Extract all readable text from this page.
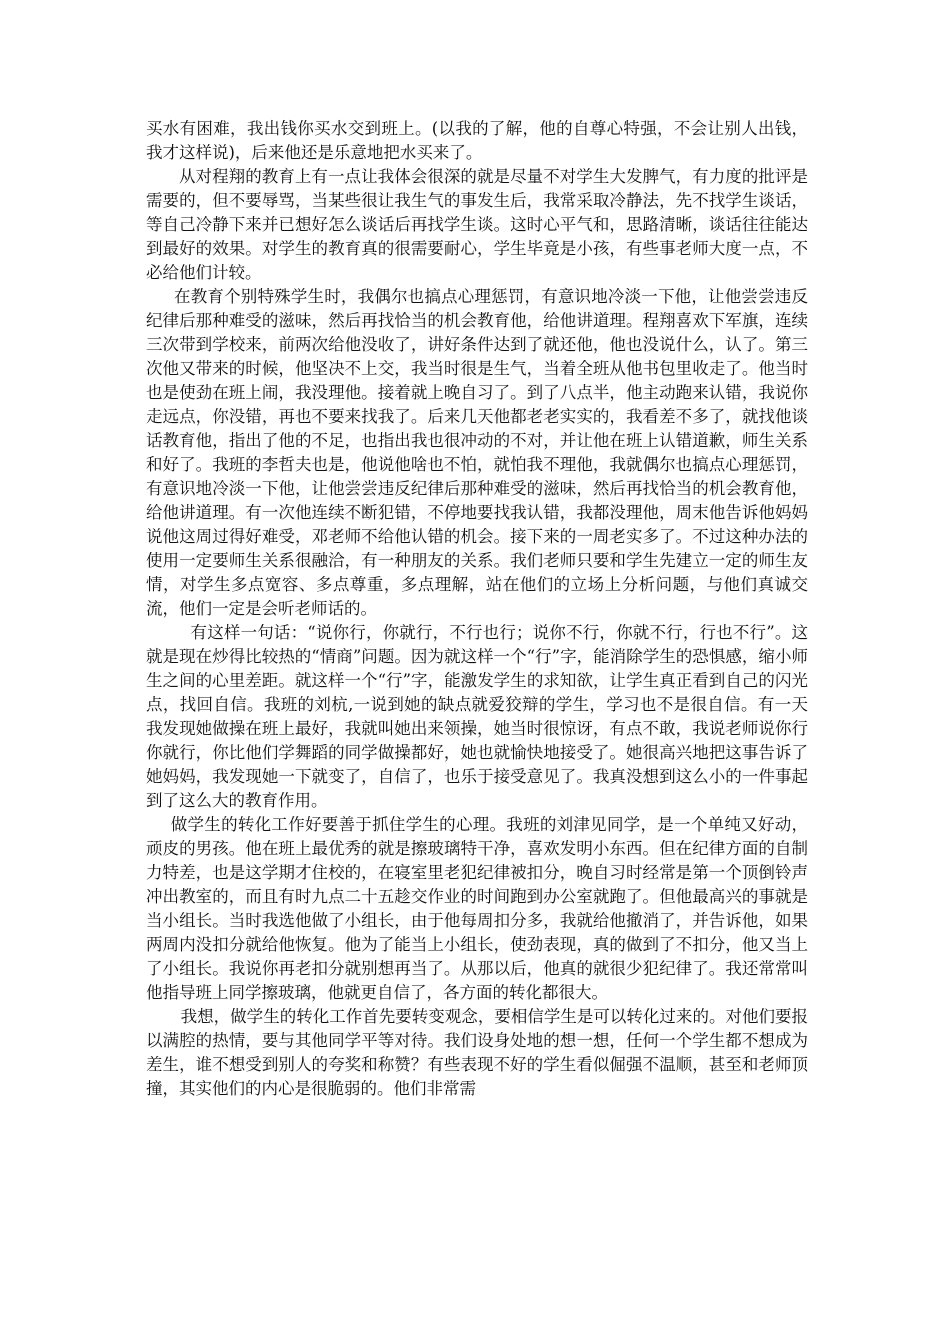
买水有困难，我出钱你买水交到班上。(以我的了解，他的自尊心特强，不会让别人出钱，我才这样说)，后来他还是乐意地把水买来了。

从对程翔的教育上有一点让我体会很深的就是尽量不对学生大发脾气，有力度的批评是需要的，但不要辱骂，当某些很让我生气的事发生后，我常采取冷静法，先不找学生谈话，等自己冷静下来并已想好怎么谈话后再找学生谈。这时心平气和，思路清晰，谈话往往能达到最好的效果。对学生的教育真的很需要耐心，学生毕竟是小孩，有些事老师大度一点，不必给他们计较。

在教育个别特殊学生时，我偶尔也搞点心理惩罚，有意识地冷淡一下他，让他尝尝违反纪律后那种难受的滋味，然后再找恰当的机会教育他，给他讲道理。程翔喜欢下军旗，连续三次带到学校来，前两次给他没收了，讲好条件达到了就还他，他也没说什么，认了。第三次他又带来的时候，他坚决不上交，我当时很是生气，当着全班从他书包里收走了。他当时也是使劲在班上闹，我没理他。接着就上晚自习了。到了八点半，他主动跑来认错，我说你走远点，你没错，再也不要来找我了。后来几天他都老老实实的，我看差不多了，就找他谈话教育他，指出了他的不足，也指出我也很冲动的不对，并让他在班上认错道歉，师生关系和好了。我班的李哲夫也是，他说他啥也不怕，就怕我不理他，我就偶尔也搞点心理惩罚，有意识地冷淡一下他，让他尝尝违反纪律后那种难受的滋味，然后再找恰当的机会教育他，给他讲道理。有一次他连续不断犯错，不停地要找我认错，我都没理他，周末他告诉他妈妈说他这周过得好难受，邓老师不给他认错的机会。接下来的一周老实多了。不过这种办法的使用一定要师生关系很融洽，有一种朋友的关系。我们老师只要和学生先建立一定的师生友情，对学生多点宽容、多点尊重，多点理解，站在他们的立场上分析问题，与他们真诚交流，他们一定是会听老师话的。

有这样一句话：“说你行，你就行，不行也行；说你不行，你就不行，行也不行”。这就是现在炒得比较热的“情商”问题。因为就这样一个“行”字，能消除学生的恐惧感，缩小师生之间的心里差距。就这样一个“行”字，能激发学生的求知欲，让学生真正看到自己的闪光点，找回自信。我班的刘杭,一说到她的缺点就爱狡辩的学生，学习也不是很自信。有一天我发现她做操在班上最好，我就叫她出来领操，她当时很惊讶，有点不敢，我说老师说你行你就行，你比他们学舞蹈的同学做操都好，她也就愉快地接受了。她很高兴地把这事告诉了她妈妈，我发现她一下就变了，自信了，也乐于接受意见了。我真没想到这么小的一件事起到了这么大的教育作用。

做学生的转化工作好要善于抓住学生的心理。我班的刘津见同学，是一个单纯又好动，顽皮的男孩。他在班上最优秀的就是擦玻璃特干净，喜欢发明小东西。但在纪律方面的自制力特差，也是这学期才住校的，在寝室里老犯纪律被扣分，晚自习时经常是第一个顶倒铃声冲出教室的，而且有时九点二十五趁交作业的时间跑到办公室就跑了。但他最高兴的事就是当小组长。当时我选他做了小组长，由于他每周扣分多，我就给他撤消了，并告诉他，如果两周内没扣分就给他恢复。他为了能当上小组长，使劲表现，真的做到了不扣分，他又当上了小组长。我说你再老扣分就别想再当了。从那以后，他真的就很少犯纪律了。我还常常叫他指导班上同学擦玻璃，他就更自信了，各方面的转化都很大。

我想，做学生的转化工作首先要转变观念，要相信学生是可以转化过来的。对他们要报以满腔的热情，要与其他同学平等对待。我们设身处地的想一想，任何一个学生都不想成为差生，谁不想受到别人的夸奖和称赞？有些表现不好的学生看似倔强不温顺，甚至和老师顶撞，其实他们的内心是很脆弱的。他们非常需
